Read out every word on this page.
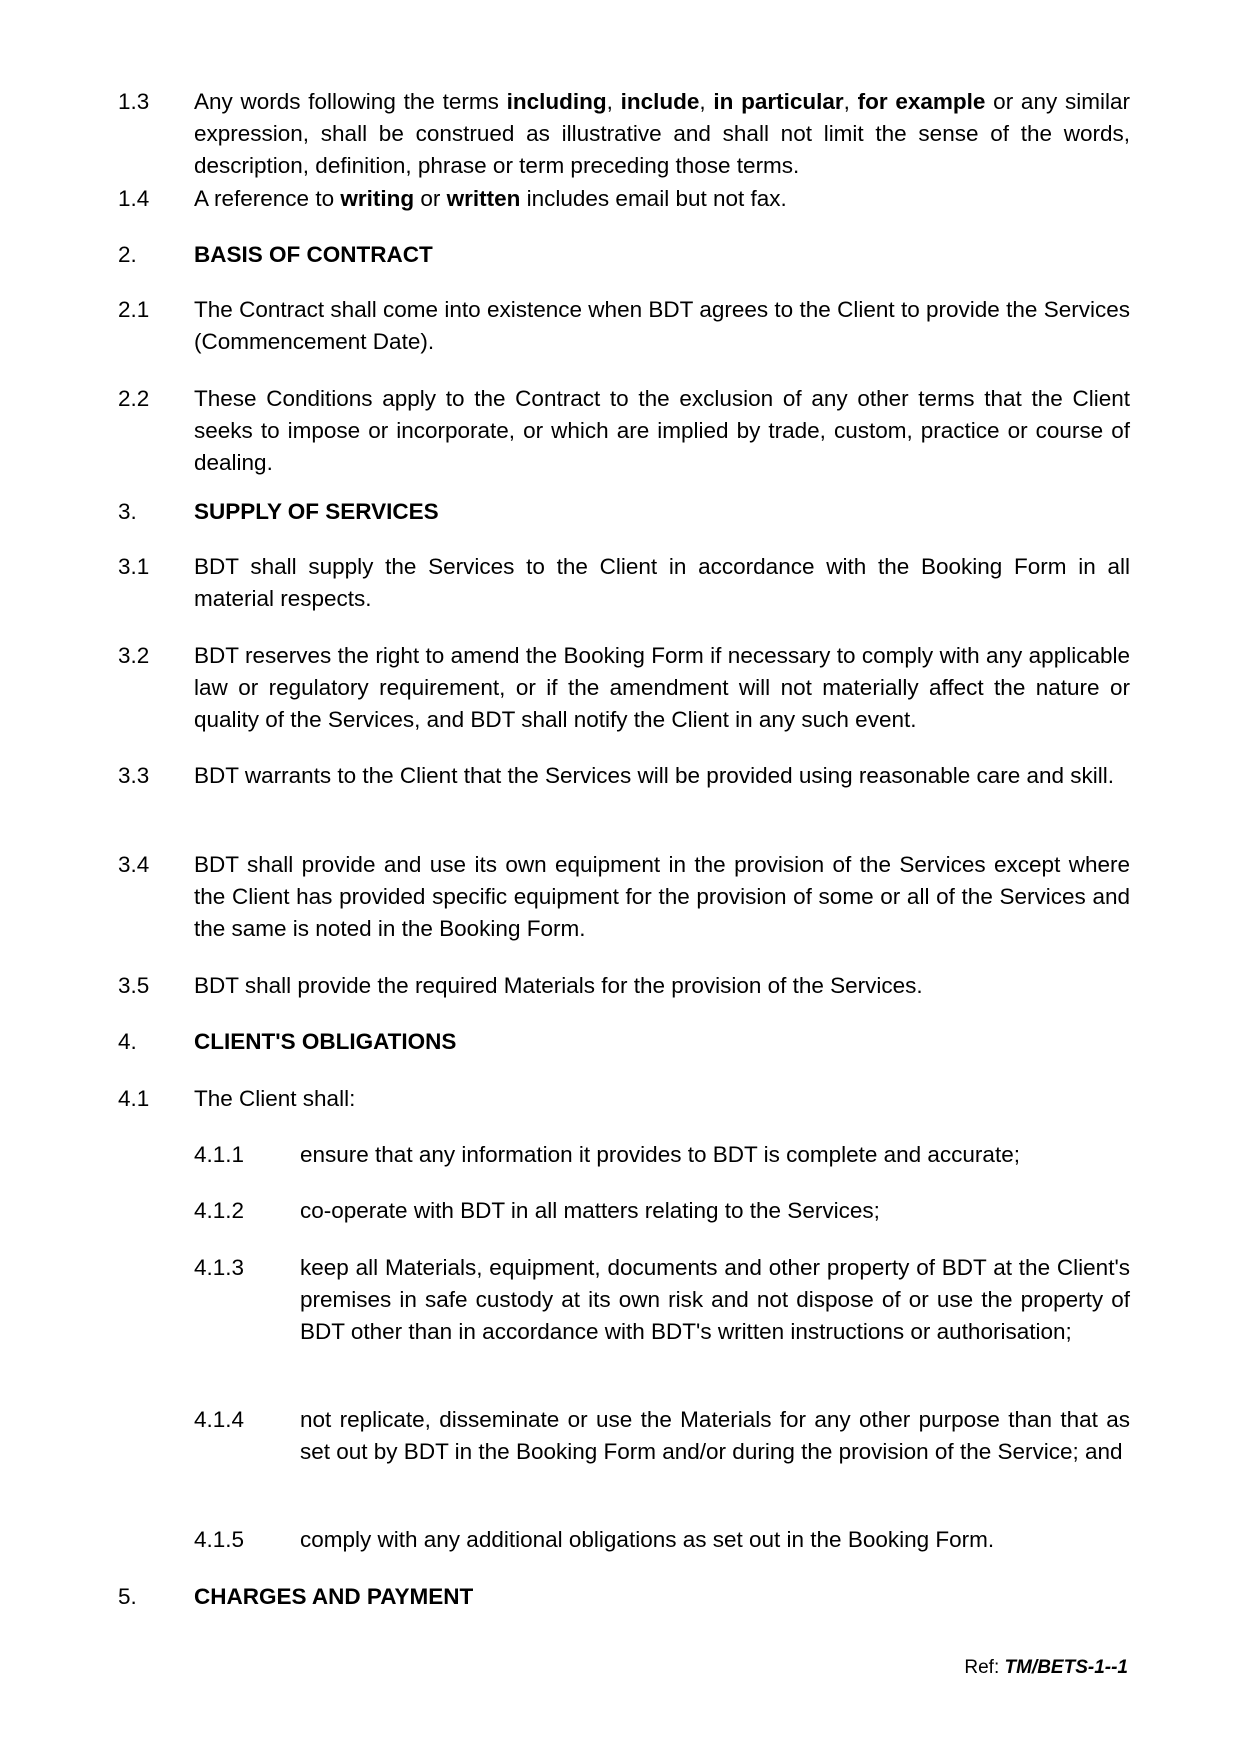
1.3	Any words following the terms including, include, in particular, for example or any similar expression, shall be construed as illustrative and shall not limit the sense of the words, description, definition, phrase or term preceding those terms.
1.4	A reference to writing or written includes email but not fax.
2.	BASIS OF CONTRACT
2.1	The Contract shall come into existence when BDT agrees to the Client to provide the Services (Commencement Date).
2.2	These Conditions apply to the Contract to the exclusion of any other terms that the Client seeks to impose or incorporate, or which are implied by trade, custom, practice or course of dealing.
3.	SUPPLY OF SERVICES
3.1	BDT shall supply the Services to the Client in accordance with the Booking Form in all material respects.
3.2	BDT reserves the right to amend the Booking Form if necessary to comply with any applicable law or regulatory requirement, or if the amendment will not materially affect the nature or quality of the Services, and BDT shall notify the Client in any such event.
3.3	BDT warrants to the Client that the Services will be provided using reasonable care and skill.
3.4	BDT shall provide and use its own equipment in the provision of the Services except where the Client has provided specific equipment for the provision of some or all of the Services and the same is noted in the Booking Form.
3.5	BDT shall provide the required Materials for the provision of the Services.
4.	CLIENT'S OBLIGATIONS
4.1	The Client shall:
4.1.1	ensure that any information it provides to BDT is complete and accurate;
4.1.2	co-operate with BDT in all matters relating to the Services;
4.1.3	keep all Materials, equipment, documents and other property of BDT at the Client's premises in safe custody at its own risk and not dispose of or use the property of BDT other than in accordance with BDT's written instructions or authorisation;
4.1.4	not replicate, disseminate or use the Materials for any other purpose than that as set out by BDT in the Booking Form and/or during the provision of the Service; and
4.1.5	comply with any additional obligations as set out in the Booking Form.
5.	CHARGES AND PAYMENT
Ref: TM/BETS-1--1
